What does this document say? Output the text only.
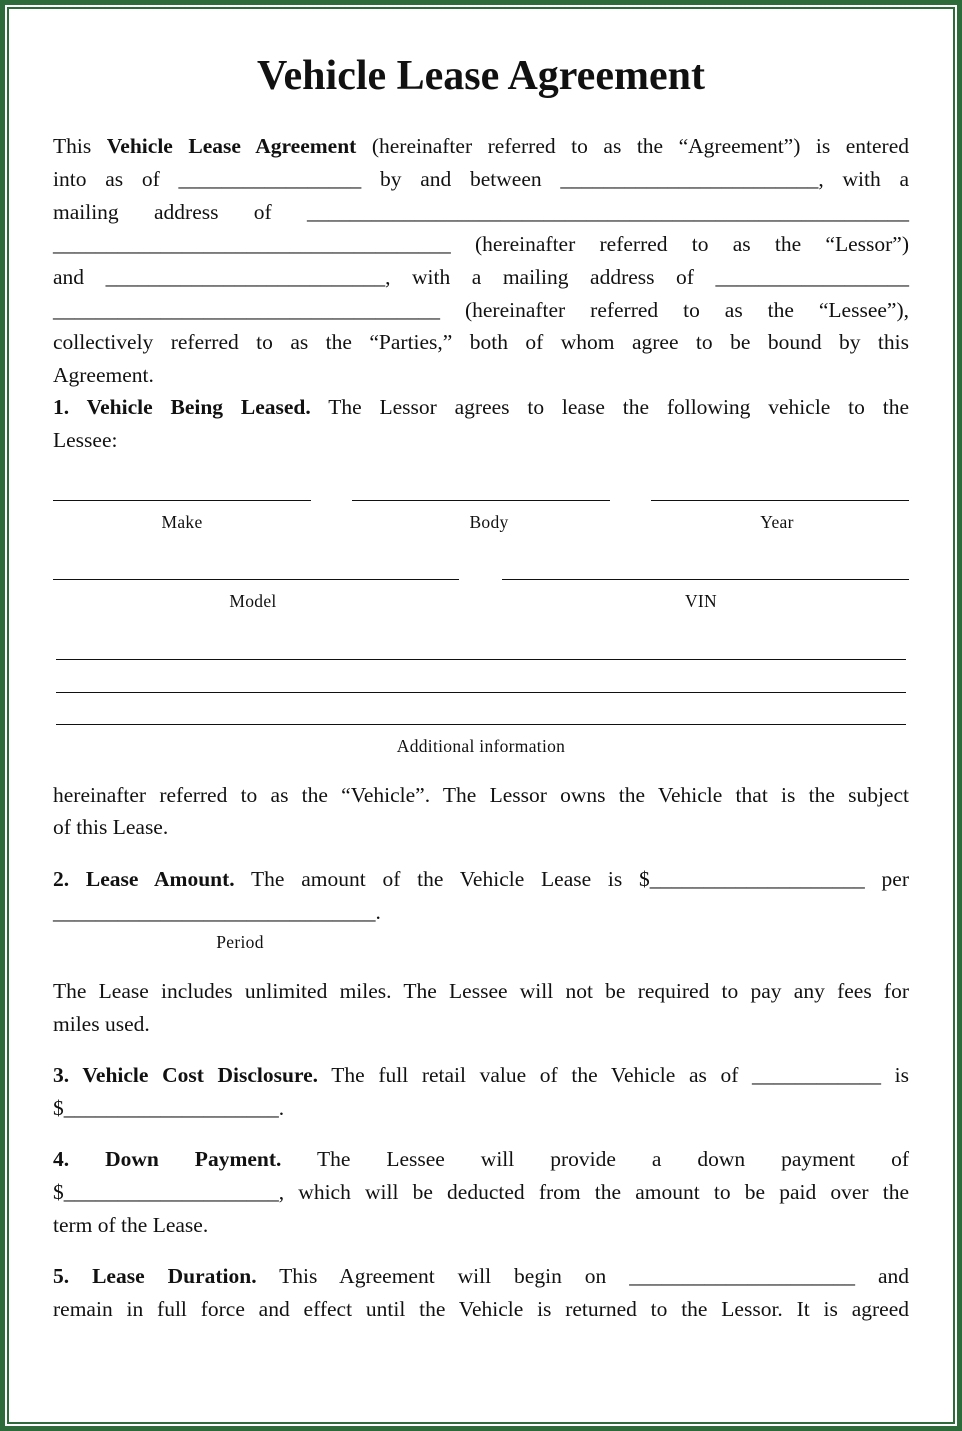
Vehicle Lease Agreement
This Vehicle Lease Agreement (hereinafter referred to as the “Agreement”) is entered
into as of _________________ by and between ________________________, with a
mailing address of ________________________________________________________
_____________________________________ (hereinafter referred to as the “Lessor”)
and __________________________, with a mailing address of __________________
____________________________________ (hereinafter referred to as the “Lessee”),
collectively referred to as the “Parties,” both of whom agree to be bound by this
Agreement.
1. Vehicle Being Leased. The Lessor agrees to lease the following vehicle to the
Lessee:
Make	Body	Year
Model	VIN
Additional information
hereinafter referred to as the “Vehicle”. The Lessor owns the Vehicle that is the subject
of this Lease.
2. Lease Amount. The amount of the Vehicle Lease is $____________________ per
______________________________.
Period
The Lease includes unlimited miles. The Lessee will not be required to pay any fees for
miles used.
3. Vehicle Cost Disclosure. The full retail value of the Vehicle as of ____________ is
$____________________.
4. Down Payment. The Lessee will provide a down payment of
$____________________, which will be deducted from the amount to be paid over the
term of the Lease.
5. Lease Duration. This Agreement will begin on _____________________ and
remain in full force and effect until the Vehicle is returned to the Lessor. It is agreed
